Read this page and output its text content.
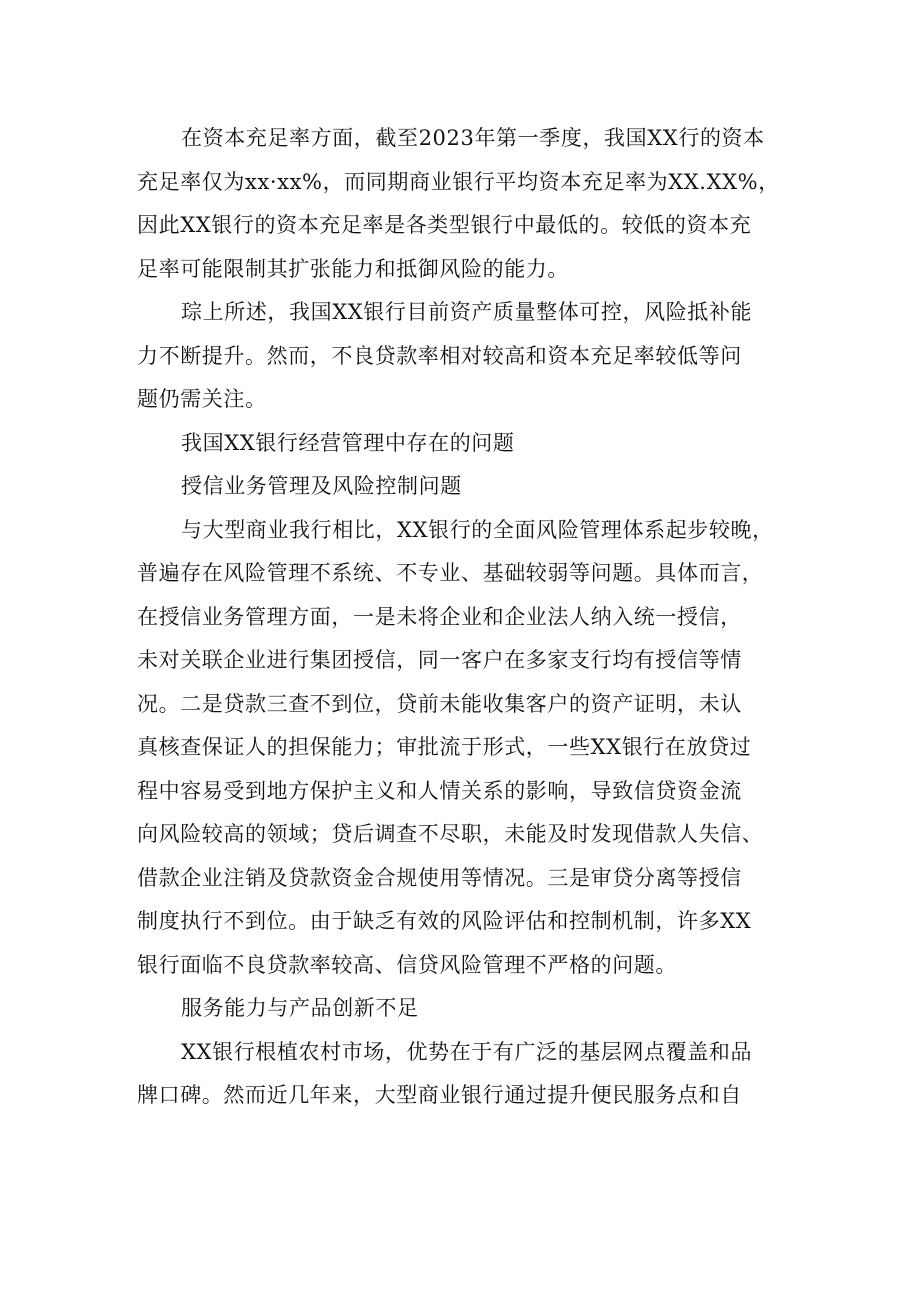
在资本充足率方面，截至2023年第一季度，我国XX行的资本
充足率仅为xx·xx%，而同期商业银行平均资本充足率为XX.XX%，
因此XX银行的资本充足率是各类型银行中最低的。较低的资本充
足率可能限制其扩张能力和抵御风险的能力。
琮上所述，我国XX银行目前资产质量整体可控，风险抵补能
力不断提升。然而，不良贷款率相对较高和资本充足率较低等问
题仍需关注。
我国XX银行经营管理中存在的问题
授信业务管理及风险控制问题
与大型商业我行相比，XX银行的全面风险管理体系起步较晚，
普遍存在风险管理不系统、不专业、基础较弱等问题。具体而言，
在授信业务管理方面，一是未将企业和企业法人纳入统一授信，
未对关联企业进行集团授信，同一客户在多家支行均有授信等情
况。二是贷款三查不到位，贷前未能收集客户的资产证明，未认
真核查保证人的担保能力；审批流于形式，一些XX银行在放贷过
程中容易受到地方保护主义和人情关系的影响，导致信贷资金流
向风险较高的领域；贷后调查不尽职，未能及时发现借款人失信、
借款企业注销及贷款资金合规使用等情况。三是审贷分离等授信
制度执行不到位。由于缺乏有效的风险评估和控制机制，许多XX
银行面临不良贷款率较高、信贷风险管理不严格的问题。
服务能力与产品创新不足
XX银行根植农村市场，优势在于有广泛的基层网点覆盖和品
牌口碑。然而近几年来，大型商业银行通过提升便民服务点和自
